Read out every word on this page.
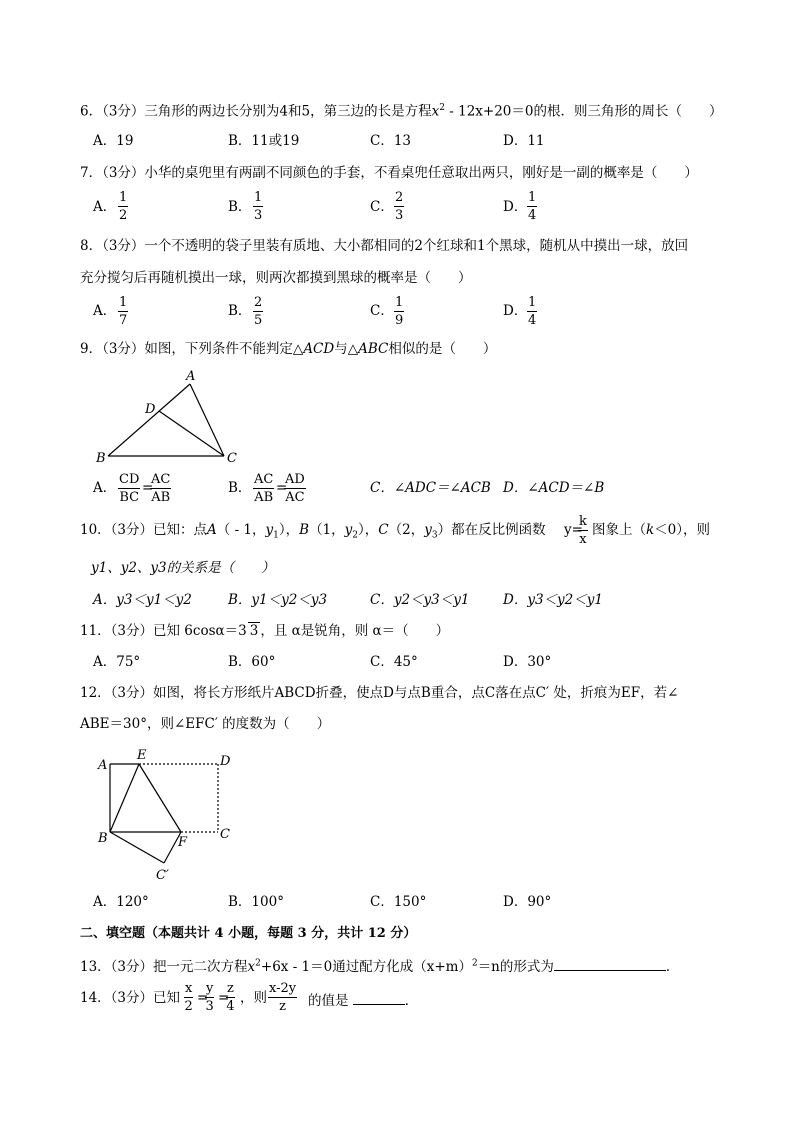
6．（3分）三角形的两边长分别为4和5，第三边的长是方程$x^2 - 12x+20=0$的根．则三角形的周长（　　）
A．19	B．11或19	C．13	D．11
7．（3分）小华的桌兜里有两副不同颜色的手套，不看桌兜任意取出两只，刚好是一副的概率是（　　）
A． $\frac{1}{2}$	B． $\frac{1}{3}$	C． $\frac{2}{3}$	D． $\frac{1}{4}$
8．（3分）一个不透明的袋子里装有质地、大小都相同的2个红球和1个黑球，随机从中摸出一球，放回
充分搅匀后再随机摸出一球，则两次都摸到黑球的概率是（　　）
A． $\frac{1}{7}$	B． $\frac{2}{5}$	C． $\frac{1}{9}$	D． $\frac{1}{4}$
9．（3分）如图，下列条件不能判定△ACD与△ABC相似的是（　　）
A
D
B	C
A． $\frac{CD}{BC}$ =
$\frac{AC}{AB}$	B． $\frac{AC}{AB}$ =
$\frac{AD}{AC}$	C．∠ADC＝∠ACB D．∠ACD＝∠B
10．（3分）已知：点A（ - 1，$y_1$），B（1，$y_2$），C（2，$y_3$）都在反比例函数 y=
$\frac{k}{x}$ 图象上（k＜0），则
y1、y2、y3的关系是（　　）
A．y3＜y1＜y2	B．y1＜y2＜y3	C．y2＜y3＜y1 D．y3＜y2＜y1
11．（3分）已知 6cosα＝3 3 ，且 α是锐角，则 α＝（　　）
A．75°	B．60°	C．45°	D．30°
12．（3分）如图，将长方形纸片ABCD折叠，使点D与点B重合，点C落在点C′ 处，折痕为EF，若∠
ABE＝30°，则∠EFC′ 的度数为（　　）
A
E	D
B	F
C
C′
A．120°	B．100°	C．150°	D．90°
二、填空题（本题共计 4 小题，每题 3 分，共计 12 分）
13．（3分）把一元二次方程$x^2+6x - 1=0$通过配方化成$(x+m)^2=n$的形式为	．
14．（3分）已知 $\frac{x}{2}$ =
$\frac{y}{3}$ =
$\frac{z}{4}$ ，则 $\frac{x-2y}{z}$ 的值是	．
